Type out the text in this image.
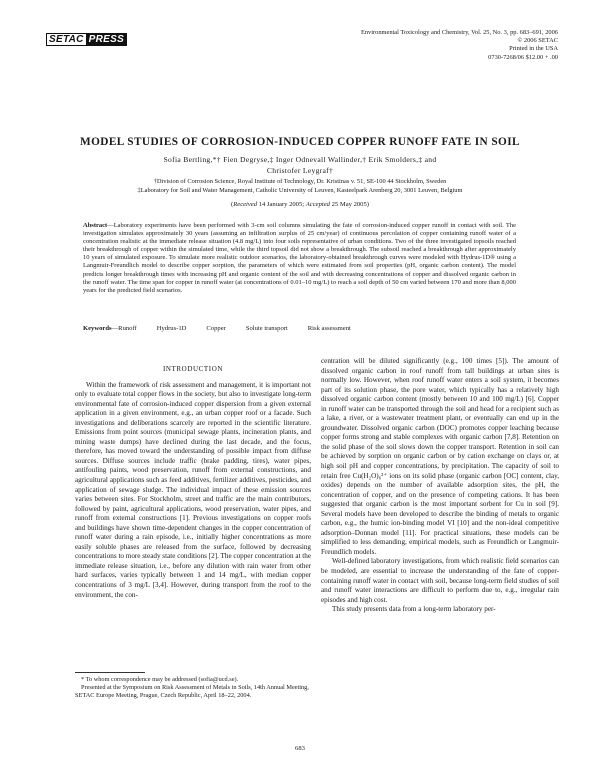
SETAC PRESS
Environmental Toxicology and Chemistry, Vol. 25, No. 3, pp. 683–691, 2006
© 2006 SETAC
Printed in the USA
0730-7268/06 $12.00 + .00
MODEL STUDIES OF CORROSION-INDUCED COPPER RUNOFF FATE IN SOIL
Sofia Bertling,*† Fien Degryse,‡ Inger Odnevall Wallinder,† Erik Smolders,‡ and
Christofer Leygraf†
†Division of Corrosion Science, Royal Institute of Technology, Dr. Kristinas v. 51, SE-100 44 Stockholm, Sweden
‡Laboratory for Soil and Water Management, Catholic University of Leuven, Kasteelpark Arenberg 20, 3001 Leuven, Belgium
(Received 14 January 2005; Accepted 25 May 2005)
Abstract—Laboratory experiments have been performed with 3-cm soil columns simulating the fate of corrosion-induced copper runoff in contact with soil. The investigation simulates approximately 30 years (assuming an infiltration surplus of 25 cm/year) of continuous percolation of copper containing runoff water of a concentration realistic at the immediate release situation (4.8 mg/L) into four soils representative of urban conditions. Two of the three investigated topsoils reached their breakthrough of copper within the simulated time, while the third topsoil did not show a breakthrough. The subsoil reached a breakthrough after approximately 10 years of simulated exposure. To simulate more realistic outdoor scenarios, the laboratory-obtained breakthrough curves were modeled with Hydrus-1D® using a Langmuir-Freundlich model to describe copper sorption, the parameters of which were estimated from soil properties (pH, organic carbon content). The model predicts longer breakthrough times with increasing pH and organic content of the soil and with decreasing concentrations of copper and dissolved organic carbon in the runoff water. The time span for copper in runoff water (at concentrations of 0.01–10 mg/L) to reach a soil depth of 50 cm varied between 170 and more than 8,000 years for the predicted field scenarios.
Keywords—Runoff	Hydrus-1D	Copper	Solute transport	Risk assessment
INTRODUCTION

Within the framework of risk assessment and management, it is important not only to evaluate total copper flows in the society, but also to investigate long-term environmental fate of corrosion-induced copper dispersion from a given external application in a given environment, e.g., an urban copper roof or a facade. Such investigations and deliberations scarcely are reported in the scientific literature. Emissions from point sources (municipal sewage plants, incineration plants, and mining waste dumps) have declined during the last decade, and the focus, therefore, has moved toward the understanding of possible impact from diffuse sources. Diffuse sources include traffic (brake padding, tires), water pipes, antifouling paints, wood preservation, runoff from external constructions, and agricultural applications such as feed additives, fertilizer additives, pesticides, and application of sewage sludge. The individual impact of these emission sources varies between sites. For Stockholm, street and traffic are the main contributors, followed by paint, agricultural applications, wood preservation, water pipes, and runoff from external constructions [1]. Previous investigations on copper roofs and buildings have shown time-dependent changes in the copper concentration of runoff water during a rain episode, i.e., initially higher concentrations as more easily soluble phases are released from the surface, followed by decreasing concentrations to more steady state conditions [2]. The copper concentration at the immediate release situation, i.e., before any dilution with rain water from other hard surfaces, varies typically between 1 and 14 mg/L, with median copper concentrations of 3 mg/L [3,4]. However, during transport from the roof to the environment, the con-

centration will be diluted significantly (e.g., 100 times [5]). The amount of dissolved organic carbon in roof runoff from tall buildings at urban sites is normally low. However, when roof runoff water enters a soil system, it becomes part of its solution phase, the pore water, which typically has a relatively high dissolved organic carbon content (mostly between 10 and 100 mg/L) [6]. Copper in runoff water can be transported through the soil and head for a recipient such as a lake, a river, or a wastewater treatment plant, or eventually can end up in the groundwater. Dissolved organic carbon (DOC) promotes copper leaching because copper forms strong and stable complexes with organic carbon [7,8]. Retention on the solid phase of the soil slows down the copper transport. Retention in soil can be achieved by sorption on organic carbon or by cation exchange on clays or, at high soil pH and copper concentrations, by precipitation. The capacity of soil to retain free Cu(H₂O)₆²⁺ ions on its solid phase (organic carbon [OC] content, clay, oxides) depends on the number of available adsorption sites, the pH, the concentration of copper, and on the presence of competing cations. It has been suggested that organic carbon is the most important sorbent for Cu in soil [9]. Several models have been developed to describe the binding of metals to organic carbon, e.g., the humic ion-binding model VI [10] and the non-ideal competitive adsorption–Donnan model [11]. For practical situations, these models can be simplified to less demanding, empirical models, such as Freundlich or Langmuir-Freundlich models.

Well-defined laboratory investigations, from which realistic field scenarios can be modeled, are essential to increase the understanding of the fate of copper-containing runoff water in contact with soil, because long-term field studies of soil and runoff water interactions are difficult to perform due to, e.g., irregular rain episodes and high cost.

This study presents data from a long-term laboratory per-

* To whom correspondence may be addressed (sofia@ucd.se).

Presented at the Symposium on Risk Assessment of Metals in Soils, 14th Annual Meeting, SETAC Europe Meeting, Prague, Czech Republic, April 18–22, 2004.

683
